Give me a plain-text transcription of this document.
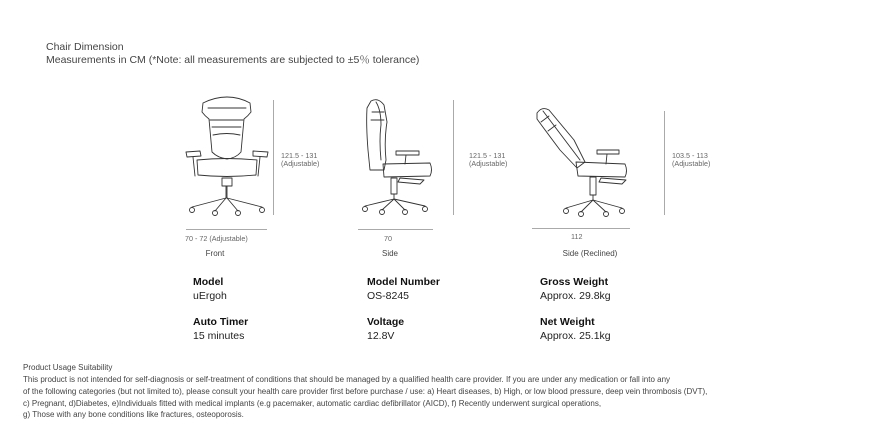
Chair Dimension
Measurements in CM (*Note: all measurements are subjected to ±5％ tolerance)
121.5 - 131
(Adjustable)
70 - 72 (Adjustable)
Front
121.5 - 131
(Adjustable)
70
Side
103.5 - 113
(Adjustable)
112
Side (Reclined)
Model
uErgoh
Model Number
OS-8245
Gross Weight
Approx. 29.8kg
Auto Timer
15 minutes
Voltage
12.8V
Net Weight
Approx. 25.1kg
Product Usage Suitability
This product is not intended for self-diagnosis or self-treatment of conditions that should be managed by a qualified health care provider. If you are under any medication or fall into any
of the following categories (but not limited to), please consult your health care provider first before purchase / use: a) Heart diseases, b) High, or low blood pressure, deep vein thrombosis (DVT),
c) Pregnant, d)Diabetes, e)Individuals fitted with medical implants (e.g pacemaker, automatic cardiac defibrillator (AICD), f) Recently underwent surgical operations,
g) Those with any bone conditions like fractures, osteoporosis.
